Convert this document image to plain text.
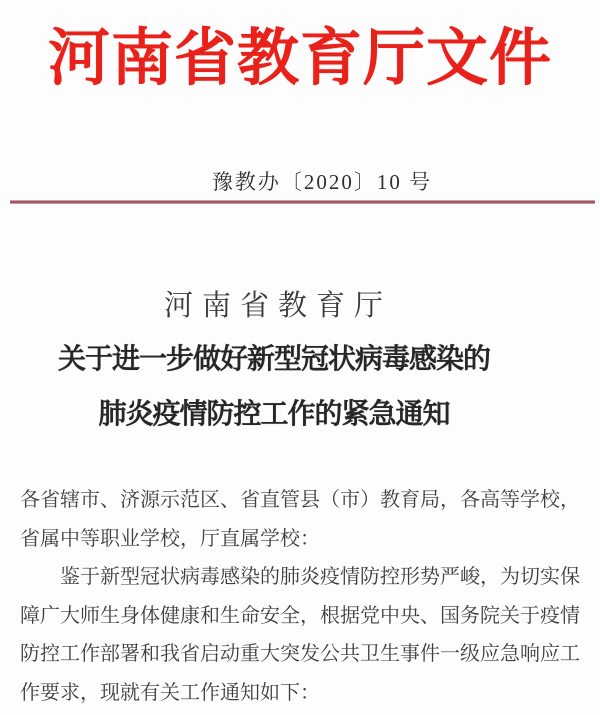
河南省教育厅文件
豫教办〔2020〕10 号
河南省教育厅
关于进一步做好新型冠状病毒感染的
肺炎疫情防控工作的紧急通知
各省辖市、济源示范区、省直管县（市）教育局，各高等学校，
省属中等职业学校，厅直属学校：
鉴于新型冠状病毒感染的肺炎疫情防控形势严峻，为切实保
障广大师生身体健康和生命安全，根据党中央、国务院关于疫情
防控工作部署和我省启动重大突发公共卫生事件一级应急响应工
作要求，现就有关工作通知如下：
